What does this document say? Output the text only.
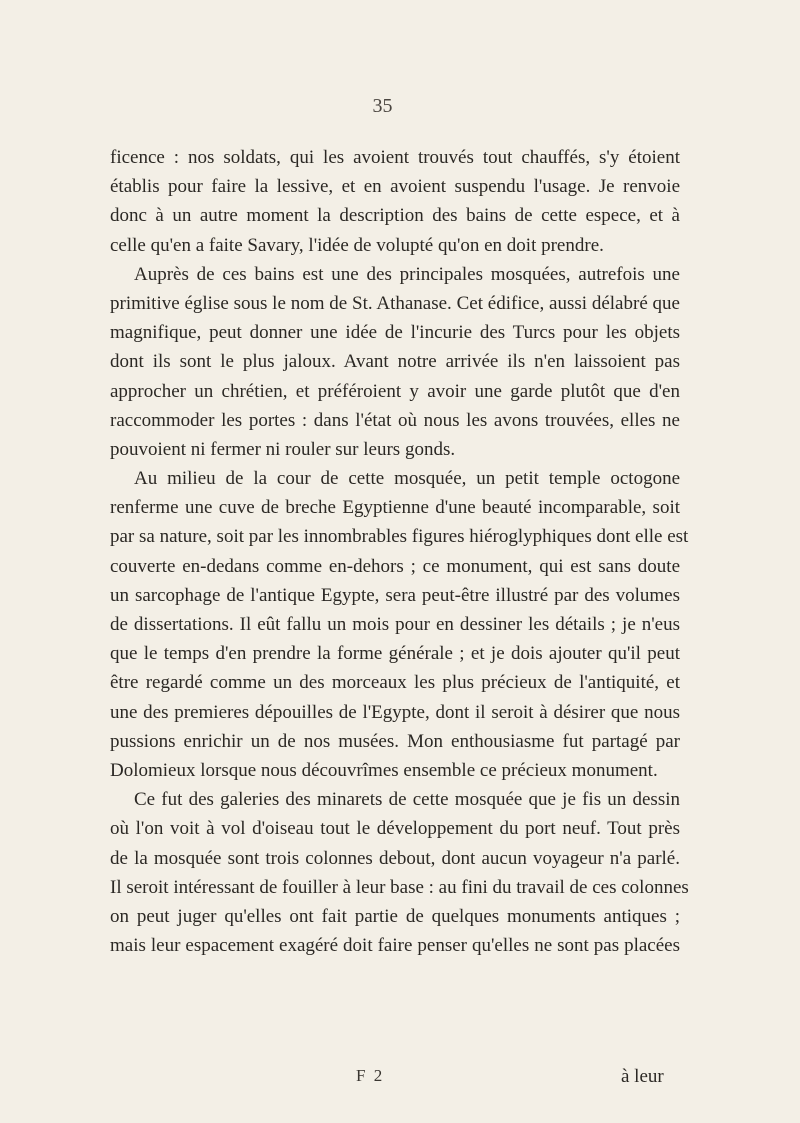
35
ficence : nos soldats, qui les avoient trouvés tout chauffés, s'y étoient
établis pour faire la lessive, et en avoient suspendu l'usage. Je renvoie
donc à un autre moment la description des bains de cette espece, et à
celle qu'en a faite Savary, l'idée de volupté qu'on en doit prendre.
Auprès de ces bains est une des principales mosquées, autrefois une
primitive église sous le nom de St. Athanase. Cet édifice, aussi délabré que
magnifique, peut donner une idée de l'incurie des Turcs pour les objets
dont ils sont le plus jaloux. Avant notre arrivée ils n'en laissoient pas
approcher un chrétien, et préféroient y avoir une garde plutôt que d'en
raccommoder les portes : dans l'état où nous les avons trouvées, elles ne
pouvoient ni fermer ni rouler sur leurs gonds.
Au milieu de la cour de cette mosquée, un petit temple octogone
renferme une cuve de breche Egyptienne d'une beauté incomparable, soit
par sa nature, soit par les innombrables figures hiéroglyphiques dont elle est
couverte en-dedans comme en-dehors ; ce monument, qui est sans doute
un sarcophage de l'antique Egypte, sera peut-être illustré par des volumes
de dissertations. Il eût fallu un mois pour en dessiner les détails ; je n'eus
que le temps d'en prendre la forme générale ; et je dois ajouter qu'il peut
être regardé comme un des morceaux les plus précieux de l'antiquité, et
une des premieres dépouilles de l'Egypte, dont il seroit à désirer que nous
pussions enrichir un de nos musées. Mon enthousiasme fut partagé par
Dolomieux lorsque nous découvrîmes ensemble ce précieux monument.
Ce fut des galeries des minarets de cette mosquée que je fis un dessin
où l'on voit à vol d'oiseau tout le développement du port neuf. Tout près
de la mosquée sont trois colonnes debout, dont aucun voyageur n'a parlé.
Il seroit intéressant de fouiller à leur base : au fini du travail de ces colonnes
on peut juger qu'elles ont fait partie de quelques monuments antiques ;
mais leur espacement exagéré doit faire penser qu'elles ne sont pas placées
F 2	à leur
